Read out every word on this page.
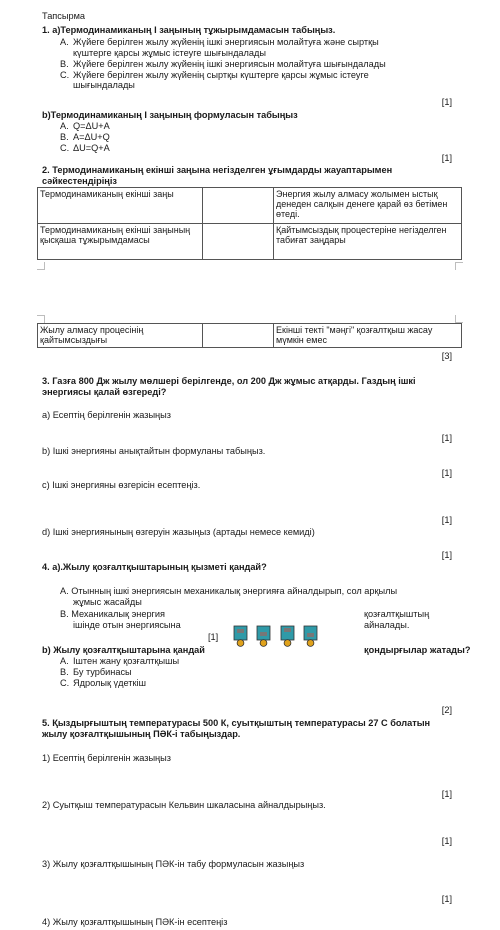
Тапсырма
1. а)Термодинамиканың I заңының тұжырымдамасын табыңыз.
A. Жүйеге берілген жылу жүйенің ішкі энергиясын молайтуға және сыртқы
күштерге қарсы жұмыс істеуге шығындалады
B. Жүйеге берілген жылу жүйенің ішкі энергиясын молайтуға шығындалады
C. Жүйеге берілген жылу жүйенің сыртқы күштерге қарсы жұмыс істеуге
шығындалады
[1]
b)Термодинамиканың I заңының формуласын табыңыз
A. Q=ΔU+A
B. A=ΔU+Q
C. ΔU=Q+A
[1]
2. Термодинамиканың екінші заңына негізделген ұғымдарды жауаптарымен
сәйкестендіріңіз
Термодинамиканың екінші заңы		Энергия жылу алмасу жолымен ыстық денеден салқын денеге қарай өз бетімен өтеді.
Термодинамиканың екінші заңының қысқаша тұжырымдамасы		Қайтымсыздық процестеріне негізделген табиғат заңдары
Жылу алмасу процесінің қайтымсыздығы		Екінші текті "мәңгі" қозғалтқыш жасау мүмкін емес
[3]
3. Газға 800 Дж жылу мөлшері берілгенде, ол 200 Дж жұмыс атқарды. Газдың ішкі
энергиясы қалай өзгереді?
а) Есептің берілгенін жазыңыз
[1]
b) Ішкі энергияны анықтайтын формуланы табыңыз.
[1]
c) Ішкі энергияны өзгерісін есептеңіз.
[1]
d) Ішкі энергиянының өзгеруін жазыңыз (артады немесе кемиді)
[1]
4. а).Жылу қозғалтқыштарының қызметі қандай?
A. Отынның ішкі энергиясын механикалық энергияға айналдырып, сол арқылы
жұмыс жасайды
B. Механикалық энергия
ішінде отын энергиясына
қозғалтқыштың
айналады.
[1]
b) Жылу қозғалтқыштарына қандай	қондырғылар жатады?
A. Іштен жану қозғалтқышы
B. Бу турбинасы
C. Ядролық үдеткіш
[2]
5. Қыздырғыштың температурасы 500 К, суытқыштың температурасы 27 С болатын
жылу қозғалтқышының ПӘК-і табыңыздар.
1) Есептің берілгенін жазыңыз
[1]
2) Суытқыш температурасын Кельвин шкаласына айналдырыңыз.
[1]
3) Жылу қозғалтқышының ПӘК-ін табу формуласын жазыңыз
[1]
4) Жылу қозғалтқышының ПӘК-ін есептеңіз
